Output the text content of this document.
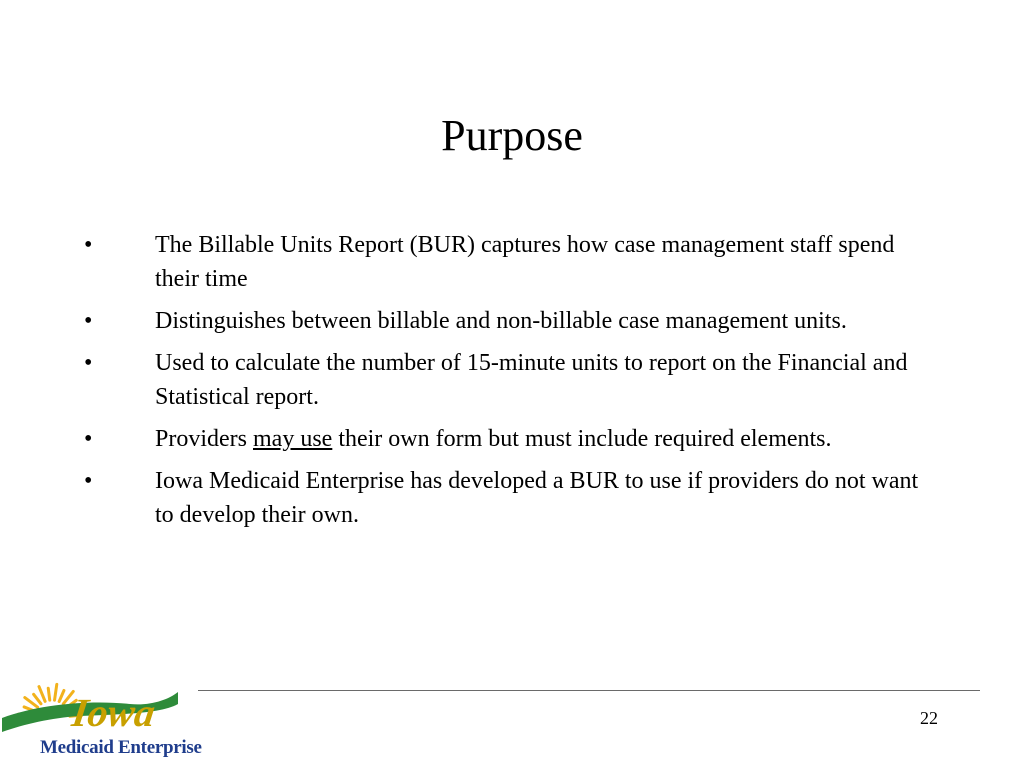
Purpose
•	The Billable Units Report (BUR) captures how case management staff spend their time
•	Distinguishes between billable and non-billable case management units.
•	Used to calculate the number of 15-minute units to report on the Financial and Statistical report.
•	Providers may use their own form but must include required elements.
•	Iowa Medicaid Enterprise has developed a BUR to use if providers do not want to develop their own.
22
Iowa
Medicaid Enterprise
